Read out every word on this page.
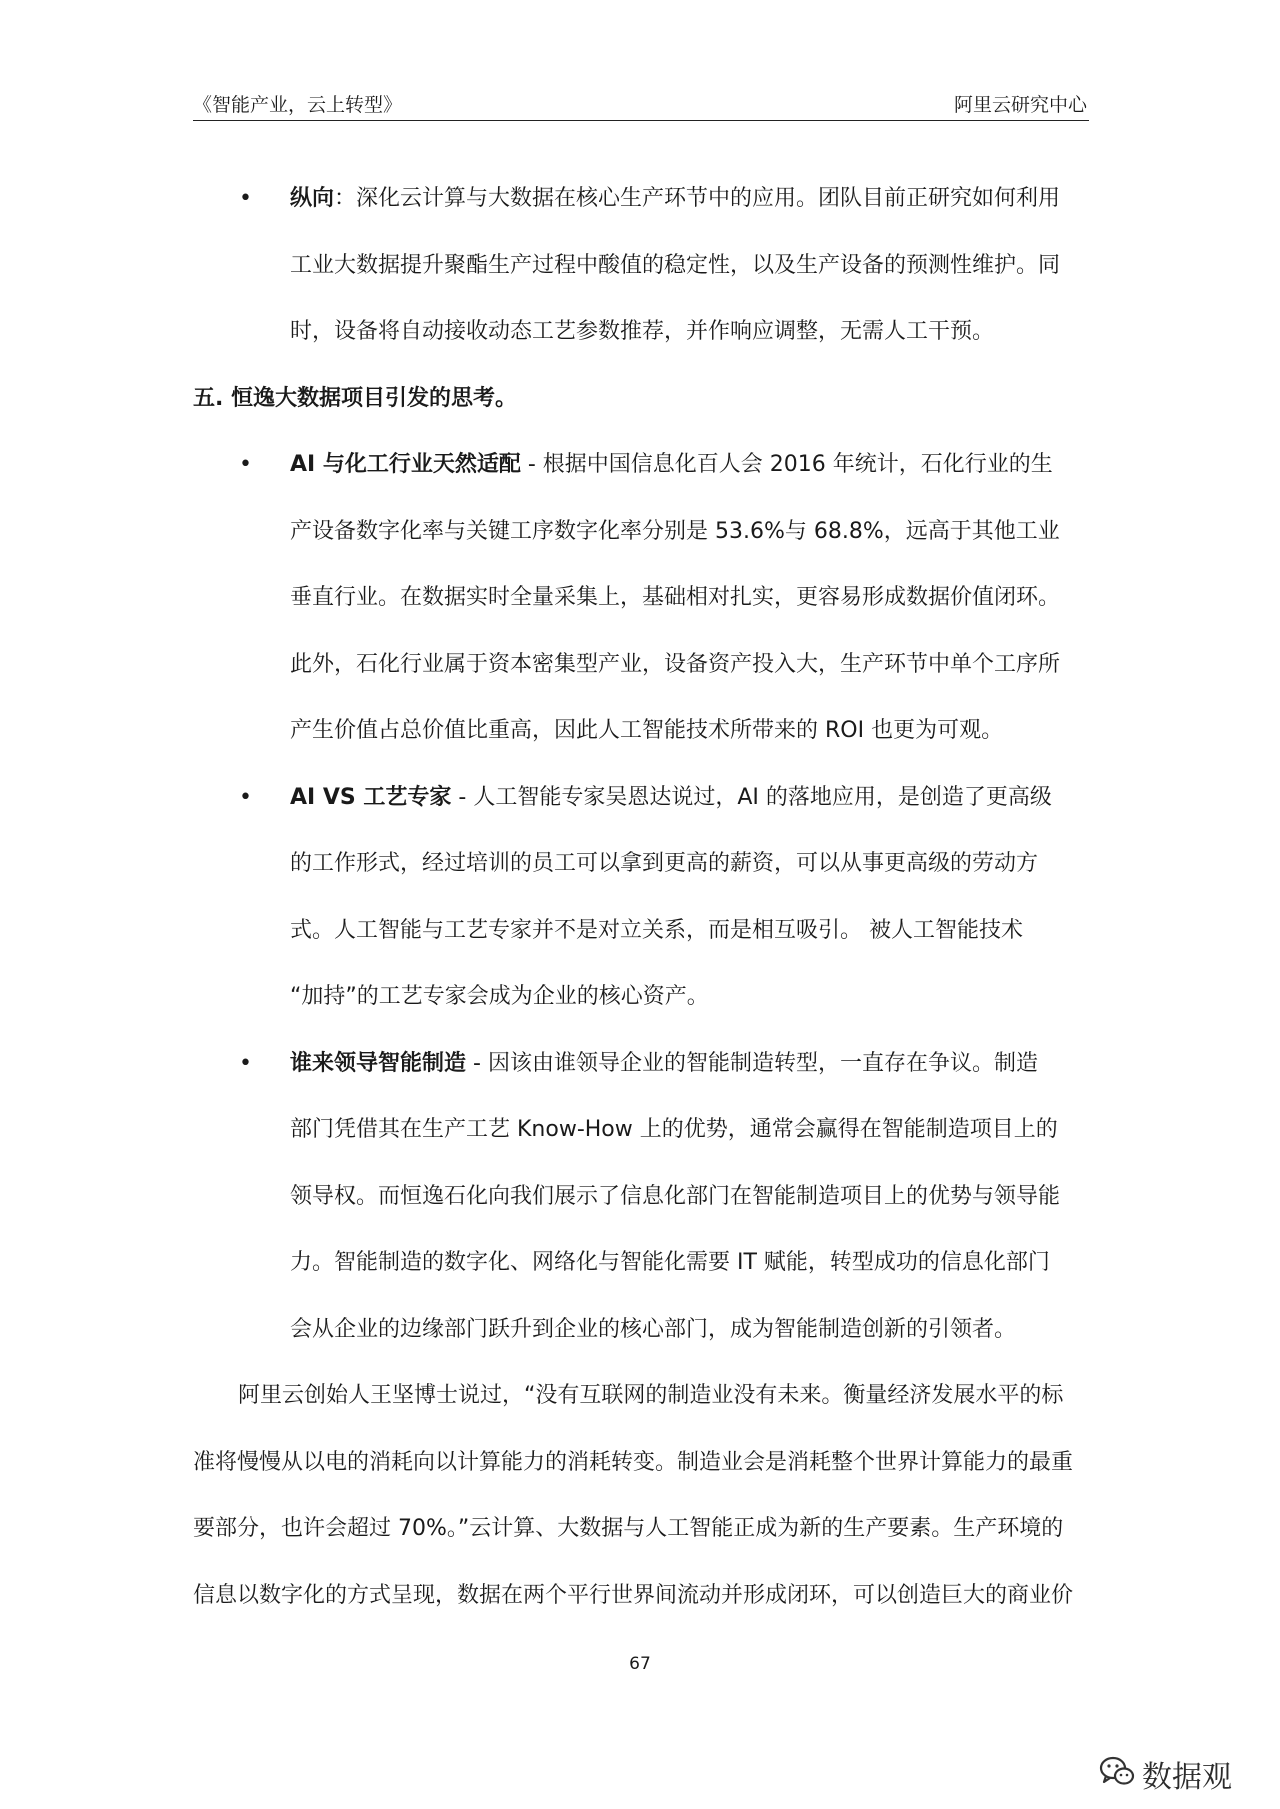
《智能产业，云上转型》	阿里云研究中心
• 纵向：深化云计算与大数据在核心生产环节中的应用。团队目前正研究如何利用
工业大数据提升聚酯生产过程中酸值的稳定性，以及生产设备的预测性维护。同
时，设备将自动接收动态工艺参数推荐，并作响应调整，无需人工干预。
五. 恒逸大数据项目引发的思考。
• AI 与化工行业天然适配 - 根据中国信息化百人会 2016 年统计，石化行业的生
产设备数字化率与关键工序数字化率分别是 53.6%与 68.8%，远高于其他工业
垂直行业。在数据实时全量采集上，基础相对扎实，更容易形成数据价值闭环。
此外，石化行业属于资本密集型产业，设备资产投入大，生产环节中单个工序所
产生价值占总价值比重高，因此人工智能技术所带来的 ROI 也更为可观。
• AI VS 工艺专家 - 人工智能专家吴恩达说过，AI 的落地应用，是创造了更高级
的工作形式，经过培训的员工可以拿到更高的薪资，可以从事更高级的劳动方
式。人工智能与工艺专家并不是对立关系，而是相互吸引。 被人工智能技术
“加持”的工艺专家会成为企业的核心资产。
• 谁来领导智能制造 - 因该由谁领导企业的智能制造转型，一直存在争议。制造
部门凭借其在生产工艺 Know-How 上的优势，通常会赢得在智能制造项目上的
领导权。而恒逸石化向我们展示了信息化部门在智能制造项目上的优势与领导能
力。智能制造的数字化、网络化与智能化需要 IT 赋能，转型成功的信息化部门
会从企业的边缘部门跃升到企业的核心部门，成为智能制造创新的引领者。
阿里云创始人王坚博士说过，“没有互联网的制造业没有未来。衡量经济发展水平的标
准将慢慢从以电的消耗向以计算能力的消耗转变。制造业会是消耗整个世界计算能力的最重
要部分，也许会超过 70%。”云计算、大数据与人工智能正成为新的生产要素。生产环境的
信息以数字化的方式呈现，数据在两个平行世界间流动并形成闭环，可以创造巨大的商业价
67
数据观
